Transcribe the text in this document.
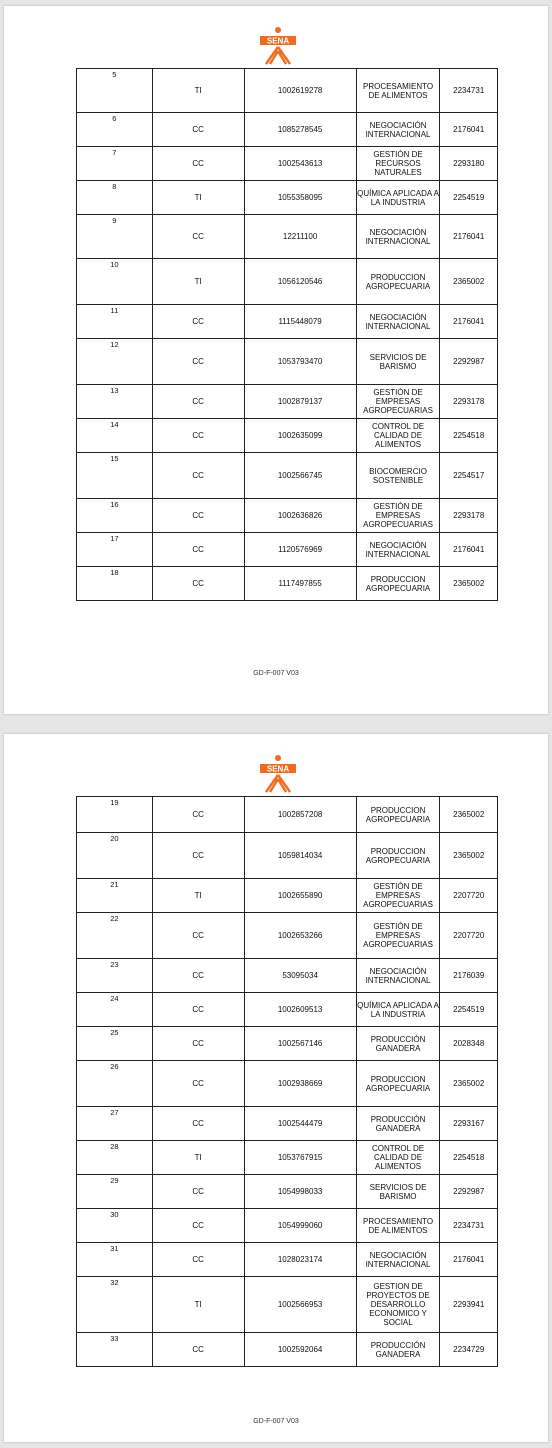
SENA
5	TI	1002619278	PROCESAMIENTO DE ALIMENTOS	2234731
6	CC	1085278545	NEGOCIACIÓN INTERNACIONAL	2176041
7	CC	1002543613	GESTIÓN DE RECURSOS NATURALES	2293180
8	TI	1055358095	QUÍMICA APLICADA A LA INDUSTRIA	2254519
9	CC	12211100	NEGOCIACIÓN INTERNACIONAL	2176041
10	TI	1056120546	PRODUCCION AGROPECUARIA	2365002
11	CC	1115448079	NEGOCIACIÓN INTERNACIONAL	2176041
12	CC	1053793470	SERVICIOS DE BARISMO	2292987
13	CC	1002879137	GESTIÓN DE EMPRESAS AGROPECUARIAS	2293178
14	CC	1002635099	CONTROL DE CALIDAD DE ALIMENTOS	2254518
15	CC	1002566745	BIOCOMERCIO SOSTENIBLE	2254517
16	CC	1002636826	GESTIÓN DE EMPRESAS AGROPECUARIAS	2293178
17	CC	1120576969	NEGOCIACIÓN INTERNACIONAL	2176041
18	CC	1117497855	PRODUCCION AGROPECUARIA	2365002
GD-F-007 V03
SENA
19	CC	1002857208	PRODUCCION AGROPECUARIA	2365002
20	CC	1059814034	PRODUCCION AGROPECUARIA	2365002
21	TI	1002655890	GESTIÓN DE EMPRESAS AGROPECUARIAS	2207720
22	CC	1002653266	GESTIÓN DE EMPRESAS AGROPECUARIAS	2207720
23	CC	53095034	NEGOCIACIÓN INTERNACIONAL	2176039
24	CC	1002609513	QUÍMICA APLICADA A LA INDUSTRIA	2254519
25	CC	1002567146	PRODUCCIÓN GANADERA	2028348
26	CC	1002938669	PRODUCCION AGROPECUARIA	2365002
27	CC	1002544479	PRODUCCIÓN GANADERA	2293167
28	TI	1053767915	CONTROL DE CALIDAD DE ALIMENTOS	2254518
29	CC	1054998033	SERVICIOS DE BARISMO	2292987
30	CC	1054999060	PROCESAMIENTO DE ALIMENTOS	2234731
31	CC	1028023174	NEGOCIACIÓN INTERNACIONAL	2176041
32	TI	1002566953	GESTION DE PROYECTOS DE DESARROLLO ECONOMICO Y SOCIAL	2293941
33	CC	1002592064	PRODUCCIÓN GANADERA	2234729
GD-F-007 V03
